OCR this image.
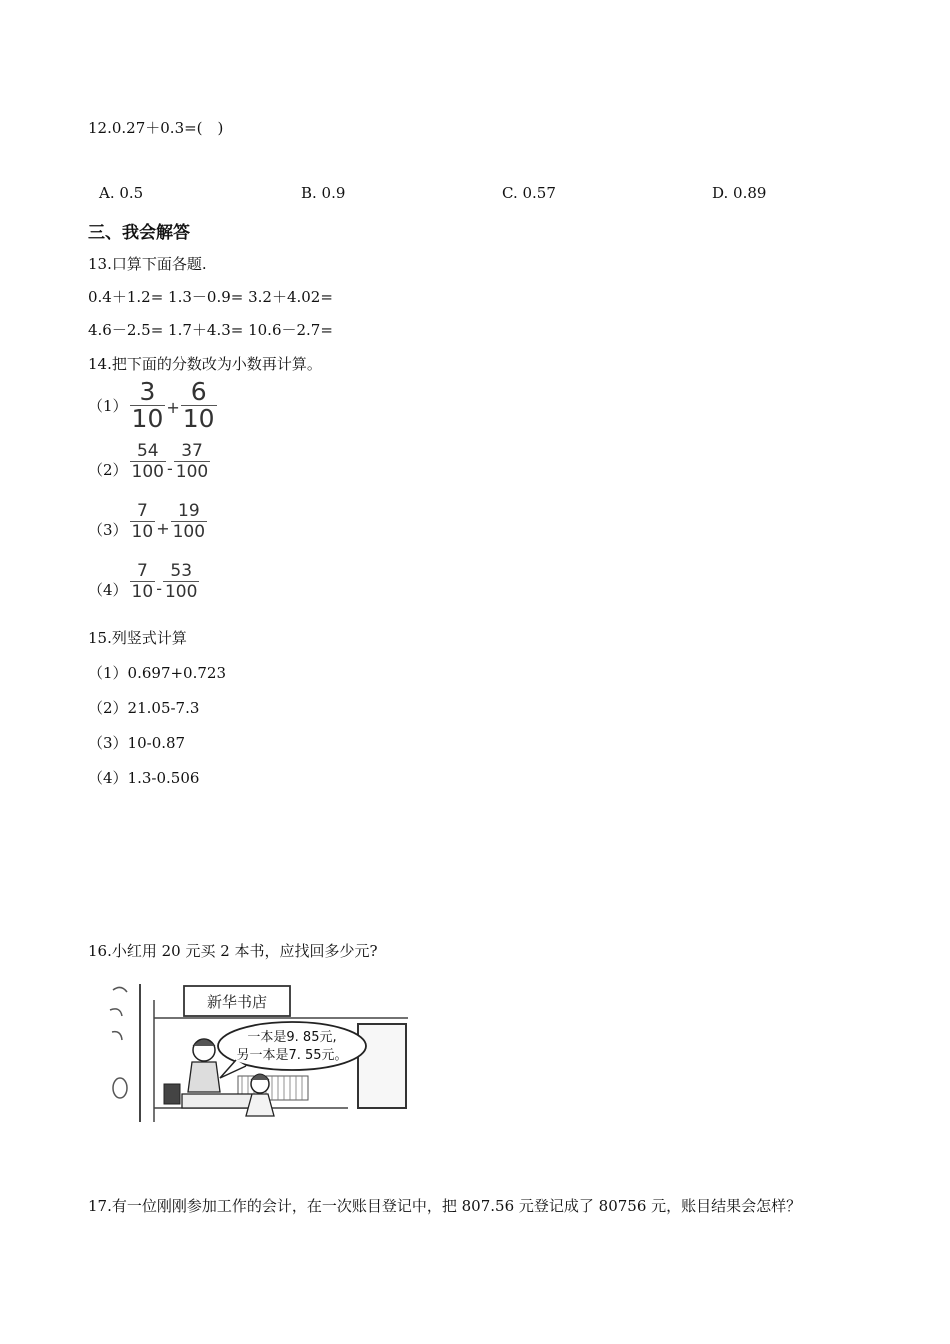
12.0.27＋0.3=(　)
A. 0.5	B. 0.9	C. 0.57	D. 0.89
三、我会解答
13.口算下面各题.
0.4＋1.2= 1.3－0.9= 3.2＋4.02=
4.6－2.5= 1.7＋4.3= 10.6－2.7=
14.把下面的分数改为小数再计算。
$(1) \frac{3}{10} + \frac{6}{10}$
$(2) \frac{54}{100} - \frac{37}{100}$
$(3) \frac{7}{10} + \frac{19}{100}$
$(4) \frac{7}{10} - \frac{53}{100}$
15.列竖式计算
（1）0.697+0.723
（2）21.05-7.3
（3）10-0.87
（4）1.3-0.506
16.小红用 20 元买 2 本书，应找回多少元?
新华书店
一本是9. 85元,
另一本是7. 55元。
17.有一位刚刚参加工作的会计，在一次账目登记中，把 807.56 元登记成了 80756 元，账目结果会怎样？
